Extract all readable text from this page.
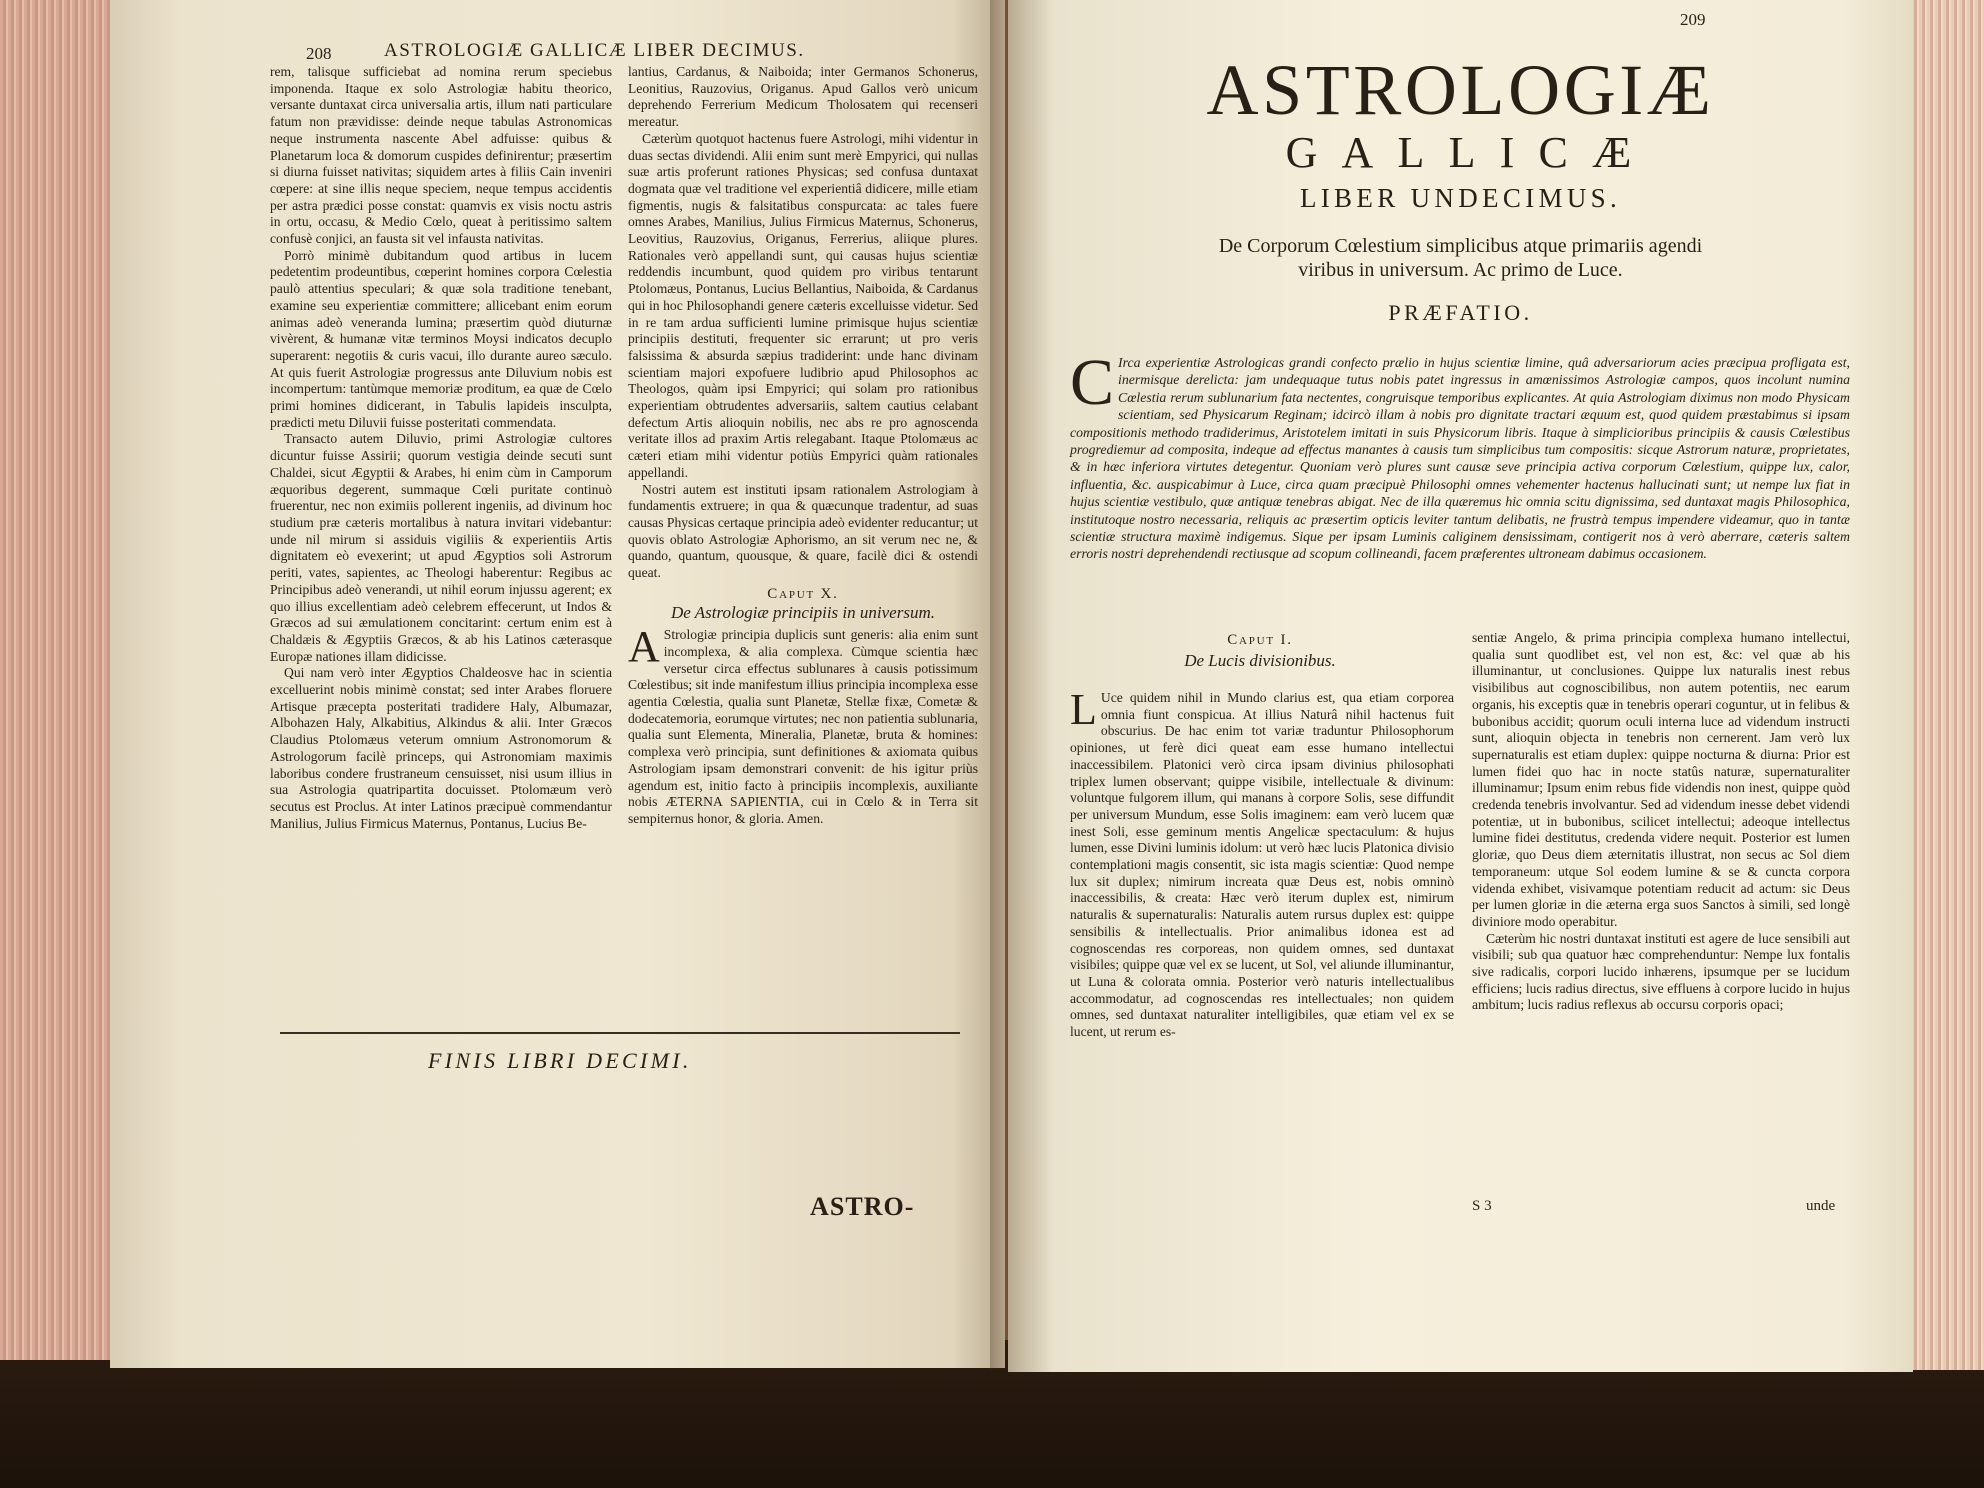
208	ASTROLOGIÆ GALLICÆ LIBER DECIMUS.

rem, talisque sufficiebat ad nomina rerum speciebus imponenda. Itaque ex solo Astrologiæ habitu theorico, versante duntaxat circa universalia artis, illum nati particulare fatum non prævidisse: deinde neque tabulas Astronomicas neque instrumenta nascente Abel adfuisse: quibus & Planetarum loca & domorum cuspides definirentur; præsertim si diurna fuisset nativitas; siquidem artes à filiis Cain inveniri cœpere: at sine illis neque speciem, neque tempus accidentis per astra prædici posse constat: quamvis ex visis noctu astris in ortu, occasu, & Medio Cœlo, queat à peritissimo saltem confusè conjici, an fausta sit vel infausta nativitas.

Porrò minimè dubitandum quod artibus in lucem pedetentim prodeuntibus, cœperint homines corpora Cœlestia paulò attentius speculari; & quæ sola traditione tenebant, examine seu experientiæ committere; allicebant enim eorum animas adeò veneranda lumina; præsertim quòd diuturnæ vivèrent, & humanæ vitæ terminos Moysi indicatos decuplo superarent: negotiis & curis vacui, illo durante aureo sæculo. At quis fuerit Astrologiæ progressus ante Diluvium nobis est incompertum: tantùmque memoriæ proditum, ea quæ de Cœlo primi homines didicerant, in Tabulis lapideis insculpta, prædicti metu Diluvii fuisse posteritati commendata.

Transacto autem Diluvio, primi Astrologiæ cultores dicuntur fuisse Assirii; quorum vestigia deinde secuti sunt Chaldei, sicut Ægyptii & Arabes, hi enim cùm in Camporum æquoribus degerent, summaque Cœli puritate continuò fruerentur, nec non eximiis pollerent ingeniis, ad divinum hoc studium præ cæteris mortalibus à natura invitari videbantur: unde nil mirum si assiduis vigiliis & experientiis Artis dignitatem eò evexerint; ut apud Ægyptios soli Astrorum periti, vates, sapientes, ac Theologi haberentur: Regibus ac Principibus adeò venerandi, ut nihil eorum injussu agerent; ex quo illius excellentiam adeò celebrem effecerunt, ut Indos & Græcos ad sui æmulationem concitarint: certum enim est à Chaldæis & Ægyptiis Græcos, & ab his Latinos cæterasque Europæ nationes illam didicisse.

Qui nam verò inter Ægyptios Chaldeosve hac in scientia excelluerint nobis minimè constat; sed inter Arabes floruere Artisque præcepta posteritati tradidere Haly, Albumazar, Albohazen Haly, Alkabitius, Alkindus & alii. Inter Græcos Claudius Ptolomæus veterum omnium Astronomorum & Astrologorum facilè princeps, qui Astronomiam maximis laboribus condere frustraneum censuisset, nisi usum illius in sua Astrologia quatripartita docuisset. Ptolomæum verò secutus est Proclus. At inter Latinos præcipuè commendantur Manilius, Julius Firmicus Maternus, Pontanus, Lucius Be-

lantius, Cardanus, & Naiboida; inter Germanos Schonerus, Leonitius, Rauzovius, Origanus. Apud Gallos verò unicum deprehendo Ferrerium Medicum Tholosatem qui recenseri mereatur.

Cæterùm quotquot hactenus fuere Astrologi, mihi videntur in duas sectas dividendi. Alii enim sunt merè Empyrici, qui nullas suæ artis proferunt rationes Physicas; sed confusa duntaxat dogmata quæ vel traditione vel experientiâ didicere, mille etiam figmentis, nugis & falsitatibus conspurcata: ac tales fuere omnes Arabes, Manilius, Julius Firmicus Maternus, Schonerus, Leovitius, Rauzovius, Origanus, Ferrerius, aliique plures. Rationales verò appellandi sunt, qui causas hujus scientiæ reddendis incumbunt, quod quidem pro viribus tentarunt Ptolomæus, Pontanus, Lucius Bellantius, Naiboida, & Cardanus qui in hoc Philosophandi genere cæteris excelluisse videtur. Sed in re tam ardua sufficienti lumine primisque hujus scientiæ principiis destituti, frequenter sic errarunt; ut pro veris falsissima & absurda sæpius tradiderint: unde hanc divinam scientiam majori expofuere ludibrio apud Philosophos ac Theologos, quàm ipsi Empyrici; qui solam pro rationibus experientiam obtrudentes adversariis, saltem cautius celabant defectum Artis alioquin nobilis, nec abs re pro agnoscenda veritate illos ad praxim Artis relegabant. Itaque Ptolomæus ac cæteri etiam mihi videntur potiùs Empyrici quàm rationales appellandi.

Nostri autem est instituti ipsam rationalem Astrologiam à fundamentis extruere; in qua & quæcunque tradentur, ad suas causas Physicas certaque principia adeò evidenter reducantur; ut quovis oblato Astrologiæ Aphorismo, an sit verum nec ne, & quando, quantum, quousque, & quare, facilè dici & ostendi queat.

Caput X.
De Astrologiæ principiis in universum.

A Strologiæ principia duplicis sunt generis: alia enim sunt incomplexa, & alia complexa. Cùmque scientia hæc versetur circa effectus sublunares à causis potissimum Cœlestibus; sit inde manifestum illius principia incomplexa esse agentia Cœlestia, qualia sunt Planetæ, Stellæ fixæ, Cometæ & dodecatemoria, eorumque virtutes; nec non patientia sublunaria, qualia sunt Elementa, Mineralia, Planetæ, bruta & homines: complexa verò principia, sunt definitiones & axiomata quibus Astrologiam ipsam demonstrari convenit: de his igitur priùs agendum est, initio facto à principiis incomplexis, auxiliante nobis ÆTERNA SAPIENTIA, cui in Cœlo & in Terra sit sempiternus honor, & gloria. Amen.

FINIS LIBRI DECIMI.
ASTRO-
209
ASTROLOGIÆ
GALLICÆ
LIBER UNDECIMUS.
De Corporum Cœlestium simplicibus atque primariis agendi
viribus in universum. Ac primo de Luce.
PRÆFATIO.

C Irca experientiæ Astrologicas grandi confecto prælio in hujus scientiæ limine, quâ adversariorum acies præcipua profligata est, inermisque derelicta: jam undequaque tutus nobis patet ingressus in amœnissimos Astrologiæ campos, quos incolunt numina Cœlestia rerum sublunarium fata nectentes, congruisque temporibus explicantes. At quia Astrologiam diximus non modo Physicam scientiam, sed Physicarum Reginam; idcircò illam à nobis pro dignitate tractari æquum est, quod quidem præstabimus si ipsam compositionis methodo tradiderimus, Aristotelem imitati in suis Physicorum libris. Itaque à simplicioribus principiis & causis Cœlestibus progrediemur ad composita, indeque ad effectus manantes à causis tum simplicibus tum compositis: sicque Astrorum naturæ, proprietates, & in hæc inferiora virtutes detegentur. Quoniam verò plures sunt causæ seve principia activa corporum Cœlestium, quippe lux, calor, influentia, &c. auspicabimur à Luce, circa quam præcipuè Philosophi omnes vehementer hactenus hallucinati sunt; ut nempe lux fiat in hujus scientiæ vestibulo, quæ antiquæ tenebras abigat. Nec de illa quæremus hic omnia scitu dignissima, sed duntaxat magis Philosophica, institutoque nostro necessaria, reliquis ac præsertim opticis leviter tantum delibatis, ne frustrà tempus impendere videamur, quo in tantæ scientiæ structura maximè indigemus. Sique per ipsam Luminis caliginem densissimam, contigerit nos à verò aberrare, cæteris saltem erroris nostri deprehendendi rectiusque ad scopum collineandi, facem præferentes ultroneam dabimus occasionem.

Caput I.
De Lucis divisionibus.

L Uce quidem nihil in Mundo clarius est, qua etiam corporea omnia fiunt conspicua. At illius Naturâ nihil hactenus fuit obscurius. De hac enim tot variæ traduntur Philosophorum opiniones, ut ferè dici queat eam esse humano intellectui inaccessibilem. Platonici verò circa ipsam divinius philosophati triplex lumen observant; quippe visibile, intellectuale & divinum: voluntque fulgorem illum, qui manans à corpore Solis, sese diffundit per universum Mundum, esse Solis imaginem: eam verò lucem quæ inest Soli, esse geminum mentis Angelicæ spectaculum: & hujus lumen, esse Divini luminis idolum: ut verò hæc lucis Platonica divisio contemplationi magis consentit, sic ista magis scientiæ: Quod nempe lux sit duplex; nimirum increata quæ Deus est, nobis omninò inaccessibilis, & creata: Hæc verò iterum duplex est, nimirum naturalis & supernaturalis: Naturalis autem rursus duplex est: quippe sensibilis & intellectualis. Prior animalibus idonea est ad cognoscendas res corporeas, non quidem omnes, sed duntaxat visibiles; quippe quæ vel ex se lucent, ut Sol, vel aliunde illuminantur, ut Luna & colorata omnia. Posterior verò naturis intellectualibus accommodatur, ad cognoscendas res intellectuales; non quidem omnes, sed duntaxat naturaliter intelligibiles, quæ etiam vel ex se lucent, ut rerum es-

sentiæ Angelo, & prima principia complexa humano intellectui, qualia sunt quodlibet est, vel non est, &c: vel quæ ab his illuminantur, ut conclusiones. Quippe lux naturalis inest rebus visibilibus aut cognoscibilibus, non autem potentiis, nec earum organis, his exceptis quæ in tenebris operari coguntur, ut in felibus & bubonibus accidit; quorum oculi interna luce ad videndum instructi sunt, alioquin objecta in tenebris non cernerent. Jam verò lux supernaturalis est etiam duplex: quippe nocturna & diurna: Prior est lumen fidei quo hac in nocte statûs naturæ, supernaturaliter illuminamur; Ipsum enim rebus fide videndis non inest, quippe quòd credenda tenebris involvantur. Sed ad videndum inesse debet videndi potentiæ, ut in bubonibus, scilicet intellectui; adeoque intellectus lumine fidei destitutus, credenda videre nequit. Posterior est lumen gloriæ, quo Deus diem æternitatis illustrat, non secus ac Sol diem temporaneum: utque Sol eodem lumine & se & cuncta corpora videnda exhibet, visivamque potentiam reducit ad actum: sic Deus per lumen gloriæ in die æterna erga suos Sanctos à simili, sed longè diviniore modo operabitur.

Cæterùm hic nostri duntaxat instituti est agere de luce sensibili aut visibili; sub qua quatuor hæc comprehenduntur: Nempe lux fontalis sive radicalis, corpori lucido inhærens, ipsumque per se lucidum efficiens; lucis radius directus, sive effluens à corpore lucido in hujus ambitum; lucis radius reflexus ab occursu corporis opaci;

S 3	unde
